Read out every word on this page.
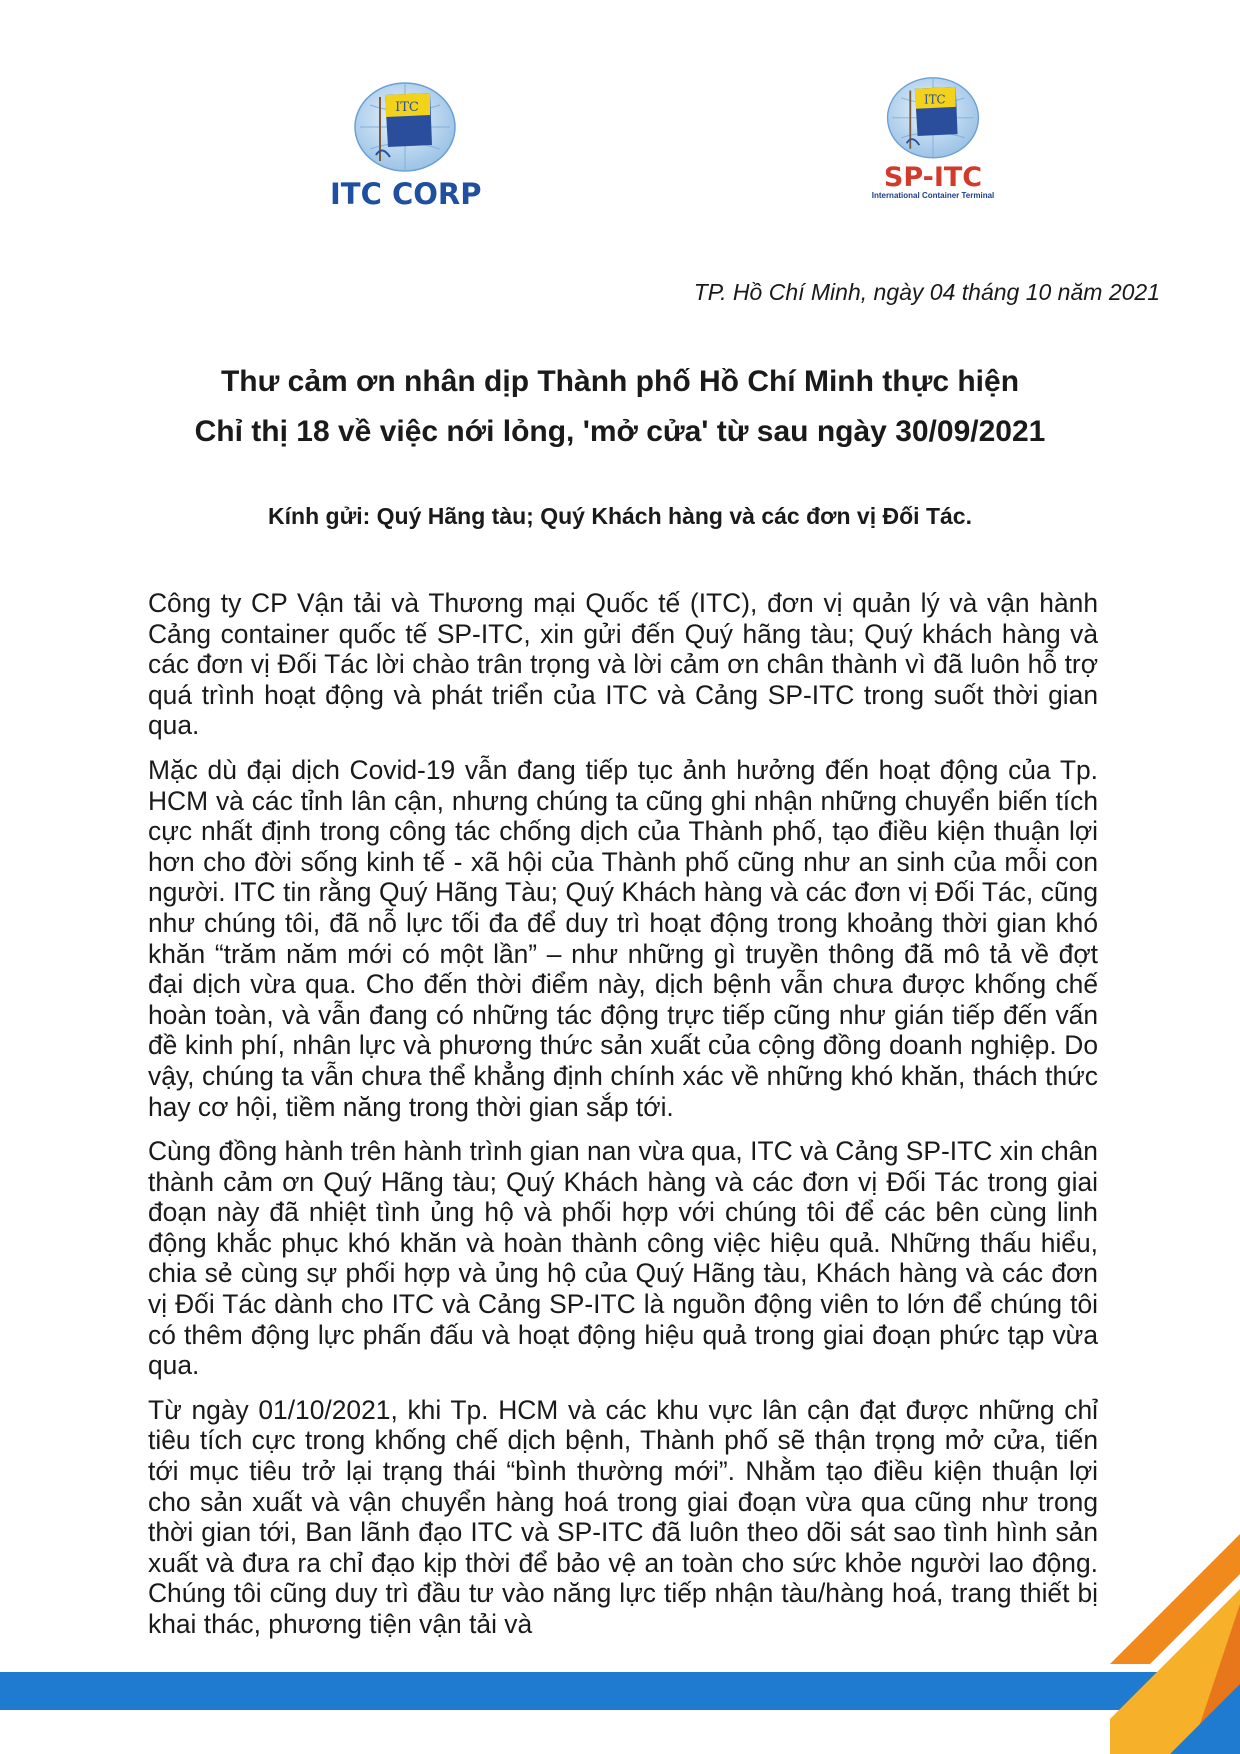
ITC
ITC CORP
ITC
SP-ITC
International Container Terminal
TP. Hồ Chí Minh, ngày 04 tháng 10 năm 2021
Thư cảm ơn nhân dịp Thành phố Hồ Chí Minh thực hiện
Chỉ thị 18 về việc nới lỏng, 'mở cửa' từ sau ngày 30/09/2021
Kính gửi: Quý Hãng tàu; Quý Khách hàng và các đơn vị Đối Tác.

Công ty CP Vận tải và Thương mại Quốc tế (ITC), đơn vị quản lý và vận hành Cảng container quốc tế SP-ITC, xin gửi đến Quý hãng tàu; Quý khách hàng và các đơn vị Đối Tác lời chào trân trọng và lời cảm ơn chân thành vì đã luôn hỗ trợ quá trình hoạt động và phát triển của ITC và Cảng SP-ITC trong suốt thời gian qua.

Mặc dù đại dịch Covid-19 vẫn đang tiếp tục ảnh hưởng đến hoạt động của Tp. HCM và các tỉnh lân cận, nhưng chúng ta cũng ghi nhận những chuyển biến tích cực nhất định trong công tác chống dịch của Thành phố, tạo điều kiện thuận lợi hơn cho đời sống kinh tế - xã hội của Thành phố cũng như an sinh của mỗi con người. ITC tin rằng Quý Hãng Tàu; Quý Khách hàng và các đơn vị Đối Tác, cũng như chúng tôi, đã nỗ lực tối đa để duy trì hoạt động trong khoảng thời gian khó khăn “trăm năm mới có một lần” – như những gì truyền thông đã mô tả về đợt đại dịch vừa qua. Cho đến thời điểm này, dịch bệnh vẫn chưa được khống chế hoàn toàn, và vẫn đang có những tác động trực tiếp cũng như gián tiếp đến vấn đề kinh phí, nhân lực và phương thức sản xuất của cộng đồng doanh nghiệp. Do vậy, chúng ta vẫn chưa thể khẳng định chính xác về những khó khăn, thách thức hay cơ hội, tiềm năng trong thời gian sắp tới.

Cùng đồng hành trên hành trình gian nan vừa qua, ITC và Cảng SP-ITC xin chân thành cảm ơn Quý Hãng tàu; Quý Khách hàng và các đơn vị Đối Tác trong giai đoạn này đã nhiệt tình ủng hộ và phối hợp với chúng tôi để các bên cùng linh động khắc phục khó khăn và hoàn thành công việc hiệu quả. Những thấu hiểu, chia sẻ cùng sự phối hợp và ủng hộ của Quý Hãng tàu, Khách hàng và các đơn vị Đối Tác dành cho ITC và Cảng SP-ITC là nguồn động viên to lớn để chúng tôi có thêm động lực phấn đấu và hoạt động hiệu quả trong giai đoạn phức tạp vừa qua.

Từ ngày 01/10/2021, khi Tp. HCM và các khu vực lân cận đạt được những chỉ tiêu tích cực trong khống chế dịch bệnh, Thành phố sẽ thận trọng mở cửa, tiến tới mục tiêu trở lại trạng thái “bình thường mới”. Nhằm tạo điều kiện thuận lợi cho sản xuất và vận chuyển hàng hoá trong giai đoạn vừa qua cũng như trong thời gian tới, Ban lãnh đạo ITC và SP-ITC đã luôn theo dõi sát sao tình hình sản xuất và đưa ra chỉ đạo kịp thời để bảo vệ an toàn cho sức khỏe người lao động. Chúng tôi cũng duy trì đầu tư vào năng lực tiếp nhận tàu/hàng hoá, trang thiết bị khai thác, phương tiện vận tải và
